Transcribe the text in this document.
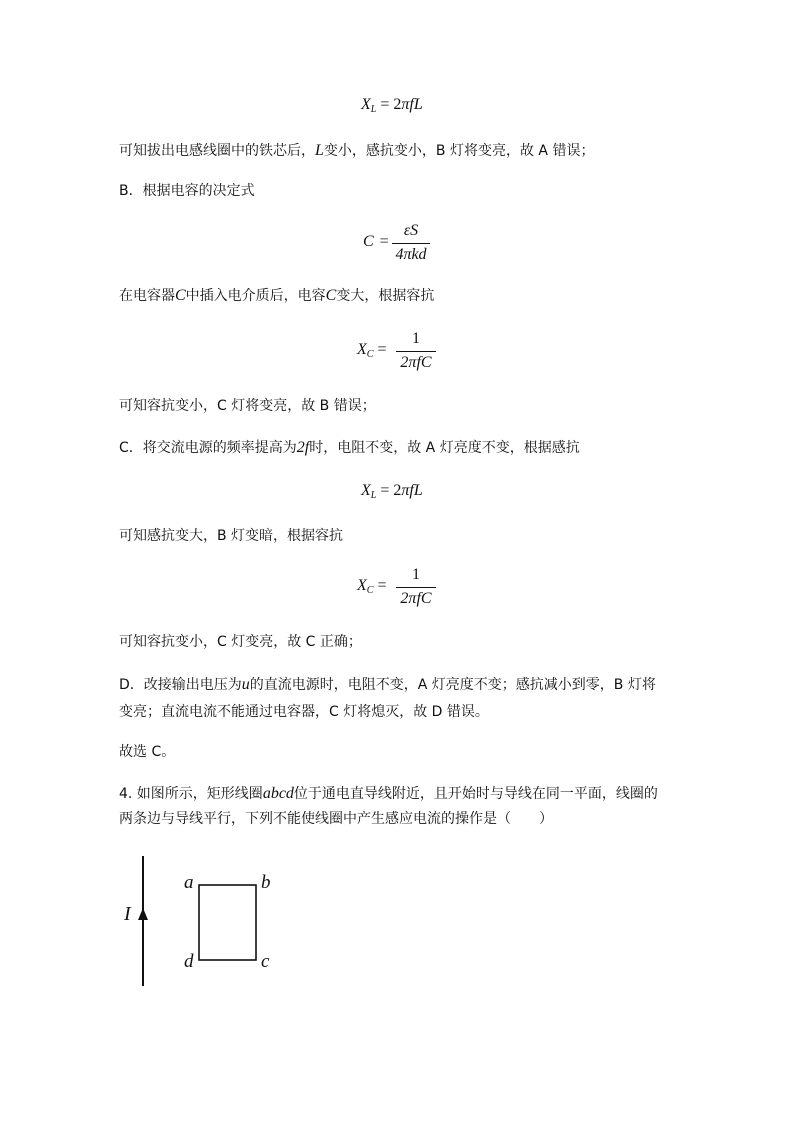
$X_L = 2\pi fL$
可知拔出电感线圈中的铁芯后，L变小，感抗变小，B 灯将变亮，故 A 错误；
B．根据电容的决定式
C =
εS
4πkd
在电容器C中插入电介质后，电容C变大，根据容抗
$X_C$ =
1
2πfC
可知容抗变小，C 灯将变亮，故 B 错误；
C．将交流电源的频率提高为2f时，电阻不变，故 A 灯亮度不变，根据感抗
$X_L = 2\pi fL$
可知感抗变大，B 灯变暗，根据容抗
$X_C$ =
1
2πfC
可知容抗变小，C 灯变亮，故 C 正确；
D．改接输出电压为u的直流电源时，电阻不变，A 灯亮度不变；感抗减小到零，B 灯将
变亮；直流电流不能通过电容器，C 灯将熄灭，故 D 错误。
故选 C。
4. 如图所示，矩形线圈abcd位于通电直导线附近，且开始时与导线在同一平面，线圈的
两条边与导线平行，下列不能使线圈中产生感应电流的操作是（　　）
I
a	b
d	c
